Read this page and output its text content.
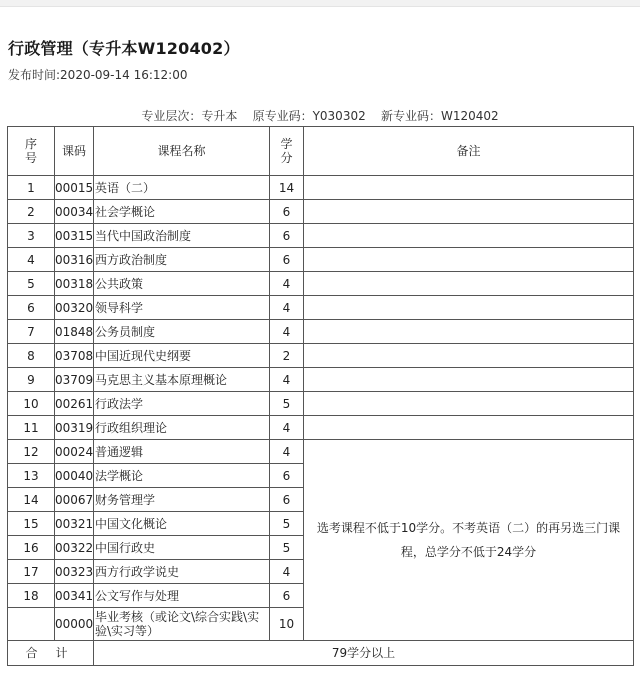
行政管理（专升本W120402）
发布时间:2020-09-14 16:12:00
专业层次：专升本    原专业码：Y030302    新专业码：W120402
序号	课码	课程名称	学分	备注
1	00015	英语（二）	14	
2	00034	社会学概论	6	
3	00315	当代中国政治制度	6	
4	00316	西方政治制度	6	
5	00318	公共政策	4	
6	00320	领导科学	4	
7	01848	公务员制度	4	
8	03708	中国近现代史纲要	2	
9	03709	马克思主义基本原理概论	4	
10	00261	行政法学	5	
11	00319	行政组织理论	4	
12	00024	普通逻辑	4	选考课程不低于10学分。不考英语（二）的再另选三门课程，总学分不低于24学分
13	00040	法学概论	6	
14	00067	财务管理学	6	
15	00321	中国文化概论	5	
16	00322	中国行政史	5	
17	00323	西方行政学说史	4	
18	00341	公文写作与处理	6	
	00000	毕业考核（或论文\综合实践\实验\实习等）	10	
合计		79学分以上		
